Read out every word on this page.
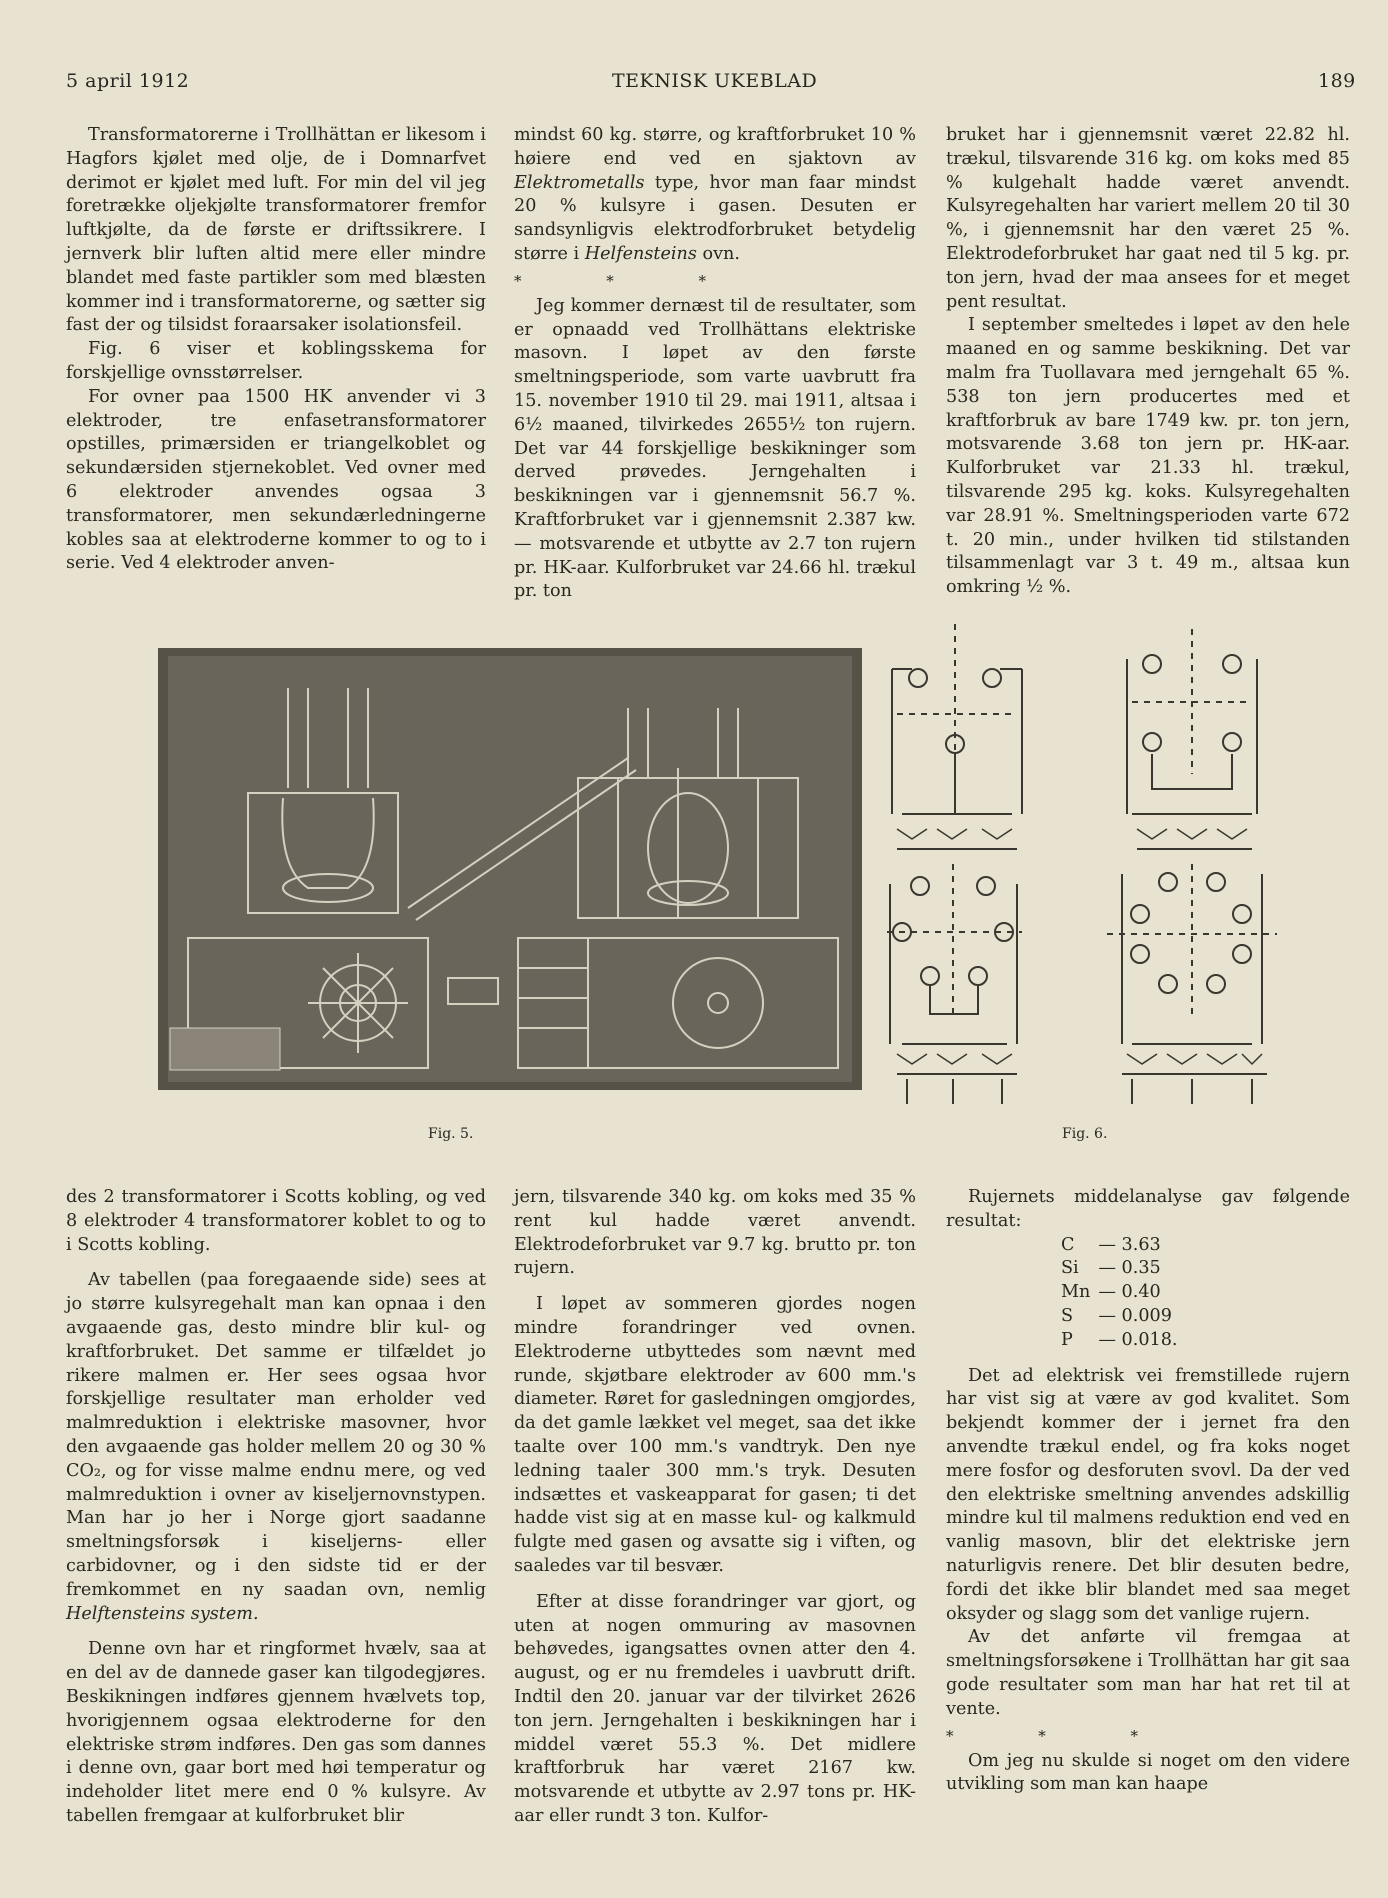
5 april 1912	TEKNISK UKEBLAD	189

Transformatorerne i Trollhättan er likesom i Hagfors kjølet med olje, de i Domnarfvet derimot er kjølet med luft. For min del vil jeg foretrække oljekjølte transformatorer fremfor luftkjølte, da de første er driftssikrere. I jernverk blir luften altid mere eller mindre blandet med faste partikler som med blæsten kommer ind i transformatorerne, og sætter sig fast der og tilsidst foraarsaker isolationsfeil.

Fig. 6 viser et koblingsskema for forskjellige ovnsstørrelser.

For ovner paa 1500 HK anvender vi 3 elektroder, tre enfasetransformatorer opstilles, primærsiden er triangelkoblet og sekundærsiden stjernekoblet. Ved ovner med 6 elektroder anvendes ogsaa 3 transformatorer, men sekundærledningerne kobles saa at elektroderne kommer to og to i serie. Ved 4 elektroder anven-

mindst 60 kg. større, og kraftforbruket 10 % høiere end ved en sjaktovn av Elektrometalls type, hvor man faar mindst 20 % kulsyre i gasen. Desuten er sandsynligvis elektrodforbruket betydelig større i Helfensteins ovn.

* * *

Jeg kommer dernæst til de resultater, som er opnaadd ved Trollhättans elektriske masovn. I løpet av den første smeltningsperiode, som varte uavbrutt fra 15. november 1910 til 29. mai 1911, altsaa i 6½ maaned, tilvirkedes 2655½ ton rujern. Det var 44 forskjellige beskikninger som derved prøvedes. Jerngehalten i beskikningen var i gjennemsnit 56.7 %. Kraftforbruket var i gjennemsnit 2.387 kw. — motsvarende et utbytte av 2.7 ton rujern pr. HK-aar. Kulforbruket var 24.66 hl. trækul pr. ton

bruket har i gjennemsnit været 22.82 hl. trækul, tilsvarende 316 kg. om koks med 85 % kulgehalt hadde været anvendt. Kulsyregehalten har variert mellem 20 til 30 %, i gjennemsnit har den været 25 %. Elektrodeforbruket har gaat ned til 5 kg. pr. ton jern, hvad der maa ansees for et meget pent resultat.

I september smeltedes i løpet av den hele maaned en og samme beskikning. Det var malm fra Tuollavara med jerngehalt 65 %. 538 ton jern producertes med et kraftforbruk av bare 1749 kw. pr. ton jern, motsvarende 3.68 ton jern pr. HK-aar. Kulforbruket var 21.33 hl. trækul, tilsvarende 295 kg. koks. Kulsyregehalten var 28.91 %. Smeltningsperioden varte 672 t. 20 min., under hvilken tid stilstanden tilsammenlagt var 3 t. 49 m., altsaa kun omkring ½ %.

Fig. 5.	Fig. 6.

des 2 transformatorer i Scotts kobling, og ved 8 elektroder 4 transformatorer koblet to og to i Scotts kobling.

Av tabellen (paa foregaaende side) sees at jo større kulsyregehalt man kan opnaa i den avgaaende gas, desto mindre blir kul- og kraftforbruket. Det samme er tilfældet jo rikere malmen er. Her sees ogsaa hvor forskjellige resultater man erholder ved malmreduktion i elektriske masovner, hvor den avgaaende gas holder mellem 20 og 30 % CO₂, og for visse malme endnu mere, og ved malmreduktion i ovner av kiseljernovnstypen. Man har jo her i Norge gjort saadanne smeltningsforsøk i kiseljerns- eller carbidovner, og i den sidste tid er der fremkommet en ny saadan ovn, nemlig Helftensteins system.

Denne ovn har et ringformet hvælv, saa at en del av de dannede gaser kan tilgodegjøres. Beskikningen indføres gjennem hvælvets top, hvorigjennem ogsaa elektroderne for den elektriske strøm indføres. Den gas som dannes i denne ovn, gaar bort med høi temperatur og indeholder litet mere end 0 % kulsyre. Av tabellen fremgaar at kulforbruket blir

jern, tilsvarende 340 kg. om koks med 35 % rent kul hadde været anvendt. Elektrodeforbruket var 9.7 kg. brutto pr. ton rujern.

I løpet av sommeren gjordes nogen mindre forandringer ved ovnen. Elektroderne utbyttedes som nævnt med runde, skjøtbare elektroder av 600 mm.'s diameter. Røret for gasledningen omgjordes, da det gamle lækket vel meget, saa det ikke taalte over 100 mm.'s vandtryk. Den nye ledning taaler 300 mm.'s tryk. Desuten indsættes et vaskeapparat for gasen; ti det hadde vist sig at en masse kul- og kalkmuld fulgte med gasen og avsatte sig i viften, og saaledes var til besvær.

Efter at disse forandringer var gjort, og uten at nogen ommuring av masovnen behøvedes, igangsattes ovnen atter den 4. august, og er nu fremdeles i uavbrutt drift. Indtil den 20. januar var der tilvirket 2626 ton jern. Jerngehalten i beskikningen har i middel været 55.3 %. Det midlere kraftforbruk har været 2167 kw. motsvarende et utbytte av 2.97 tons pr. HK-aar eller rundt 3 ton. Kulfor-

Rujernets middelanalyse gav følgende resultat:

C	— 3.63
Si	— 0.35
Mn	— 0.40
S	— 0.009
P	— 0.018.

Det ad elektrisk vei fremstillede rujern har vist sig at være av god kvalitet. Som bekjendt kommer der i jernet fra den anvendte trækul endel, og fra koks noget mere fosfor og desforuten svovl. Da der ved den elektriske smeltning anvendes adskillig mindre kul til malmens reduktion end ved en vanlig masovn, blir det elektriske jern naturligvis renere. Det blir desuten bedre, fordi det ikke blir blandet med saa meget oksyder og slagg som det vanlige rujern.

Av det anførte vil fremgaa at smeltningsforsøkene i Trollhättan har git saa gode resultater som man har hat ret til at vente.

* * *

Om jeg nu skulde si noget om den videre utvikling som man kan haape
